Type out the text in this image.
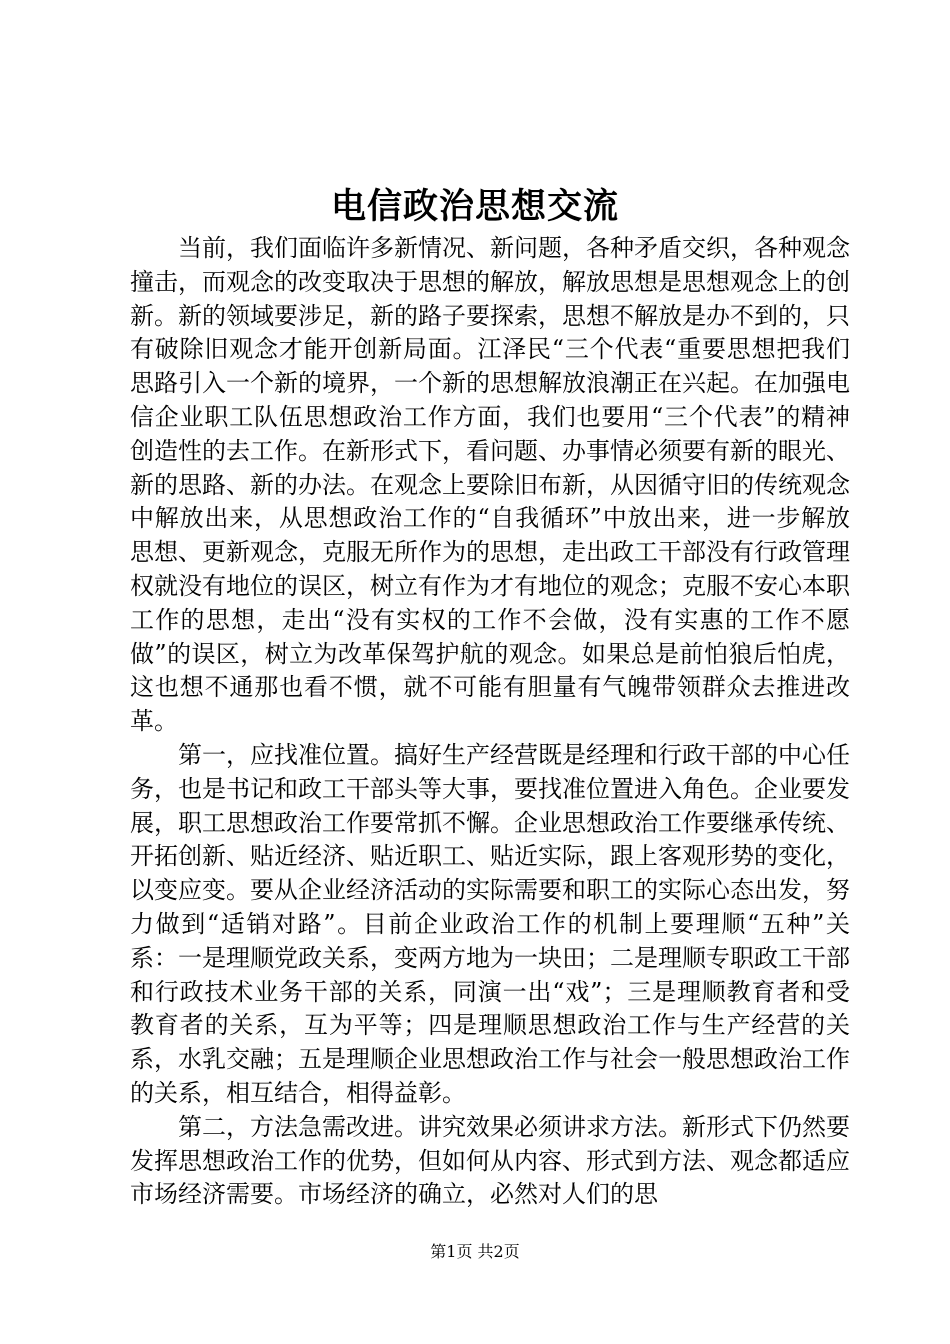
电信政治思想交流

当前，我们面临许多新情况、新问题，各种矛盾交织，各种观念撞击，而观念的改变取决于思想的解放，解放思想是思想观念上的创新。新的领域要涉足，新的路子要探索，思想不解放是办不到的，只有破除旧观念才能开创新局面。江泽民“三个代表“重要思想把我们思路引入一个新的境界，一个新的思想解放浪潮正在兴起。在加强电信企业职工队伍思想政治工作方面，我们也要用“三个代表”的精神创造性的去工作。在新形式下，看问题、办事情必须要有新的眼光、新的思路、新的办法。在观念上要除旧布新，从因循守旧的传统观念中解放出来，从思想政治工作的“自我循环”中放出来，进一步解放思想、更新观念，克服无所作为的思想，走出政工干部没有行政管理权就没有地位的误区，树立有作为才有地位的观念；克服不安心本职工作的思想，走出“没有实权的工作不会做，没有实惠的工作不愿做”的误区，树立为改革保驾护航的观念。如果总是前怕狼后怕虎，这也想不通那也看不惯，就不可能有胆量有气魄带领群众去推进改革。

第一，应找准位置。搞好生产经营既是经理和行政干部的中心任务，也是书记和政工干部头等大事，要找准位置进入角色。企业要发展，职工思想政治工作要常抓不懈。企业思想政治工作要继承传统、开拓创新、贴近经济、贴近职工、贴近实际，跟上客观形势的变化，以变应变。要从企业经济活动的实际需要和职工的实际心态出发，努力做到“适销对路”。目前企业政治工作的机制上要理顺“五种”关系：一是理顺党政关系，变两方地为一块田；二是理顺专职政工干部和行政技术业务干部的关系，同演一出“戏”；三是理顺教育者和受教育者的关系，互为平等；四是理顺思想政治工作与生产经营的关系，水乳交融；五是理顺企业思想政治工作与社会一般思想政治工作的关系，相互结合，相得益彰。

第二，方法急需改进。讲究效果必须讲求方法。新形式下仍然要发挥思想政治工作的优势，但如何从内容、形式到方法、观念都适应市场经济需要。市场经济的确立，必然对人们的思

第1页 共2页
